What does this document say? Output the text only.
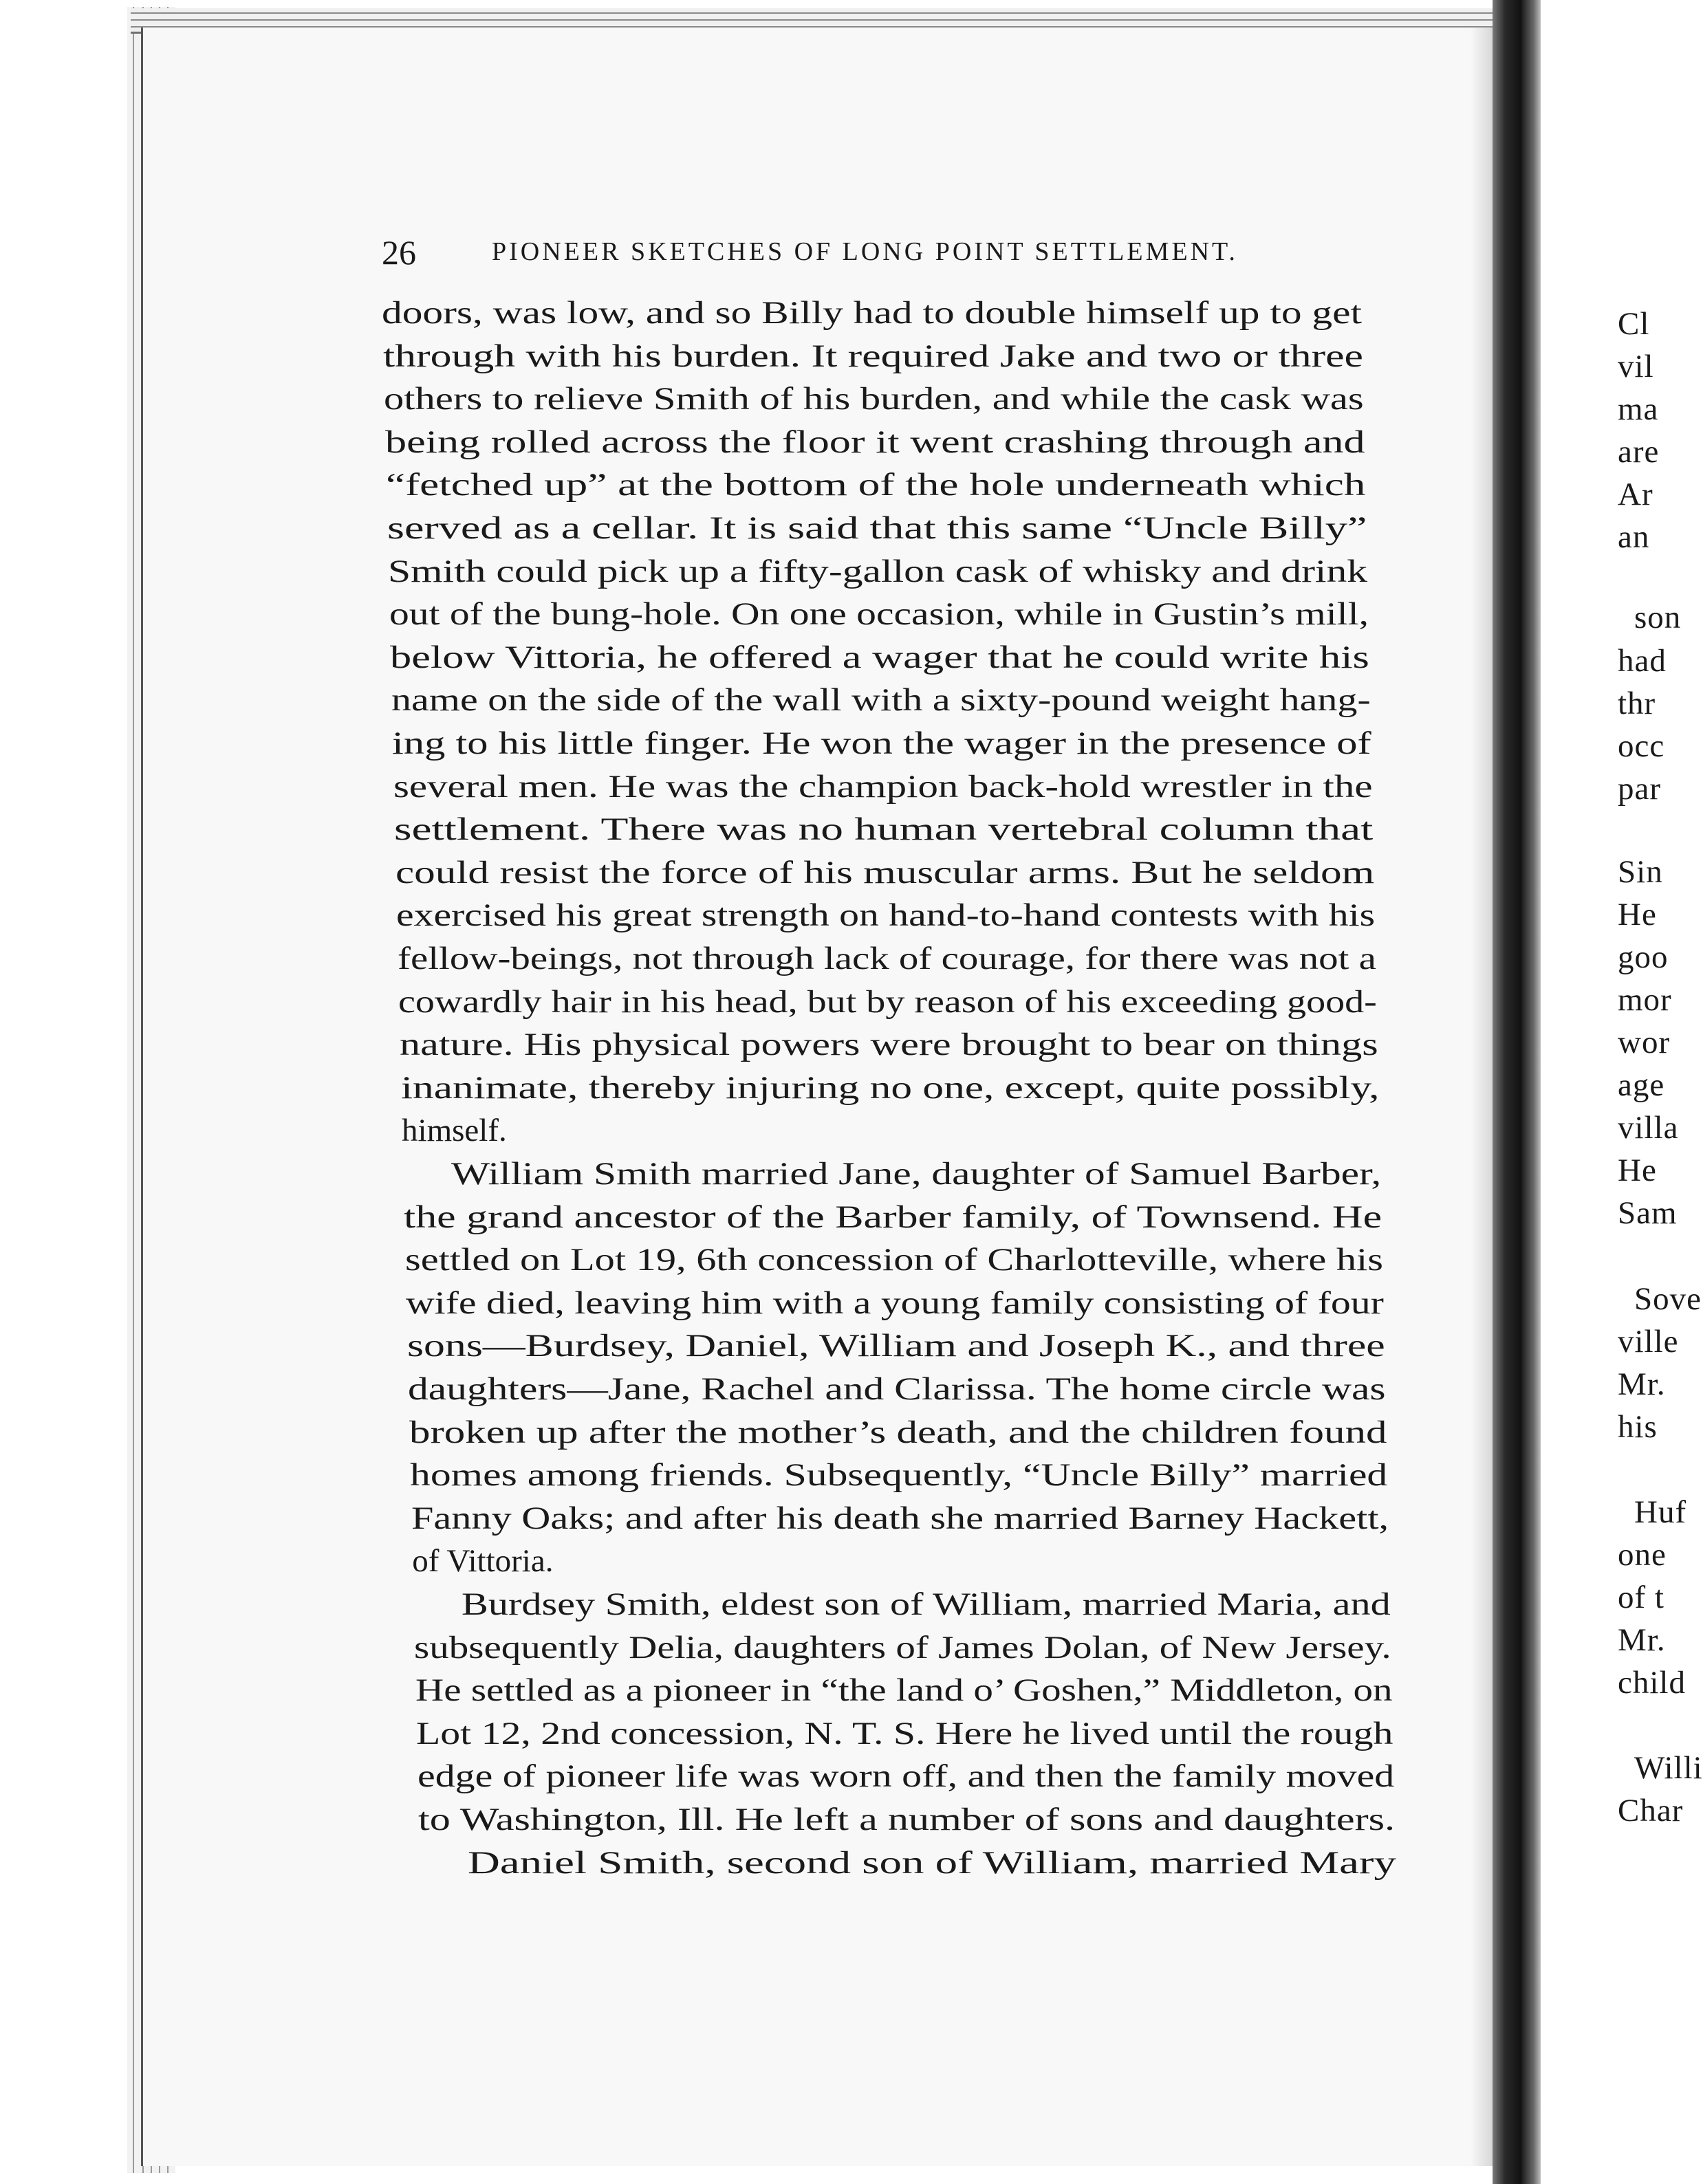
26	PIONEER SKETCHES OF LONG POINT SETTLEMENT.
doors, was low, and so Billy had to double himself up to get
through with his burden. It required Jake and two or three
others to relieve Smith of his burden, and while the cask was
being rolled across the floor it went crashing through and
“fetched up” at the bottom of the hole underneath which
served as a cellar. It is said that this same “Uncle Billy”
Smith could pick up a fifty-gallon cask of whisky and drink
out of the bung-hole. On one occasion, while in Gustin’s mill,
below Vittoria, he offered a wager that he could write his
name on the side of the wall with a sixty-pound weight hang-
ing to his little finger. He won the wager in the presence of
several men. He was the champion back-hold wrestler in the
settlement. There was no human vertebral column that
could resist the force of his muscular arms. But he seldom
exercised his great strength on hand-to-hand contests with his
fellow-beings, not through lack of courage, for there was not a
cowardly hair in his head, but by reason of his exceeding good-
nature. His physical powers were brought to bear on things
inanimate, thereby injuring no one, except, quite possibly,
himself.
William Smith married Jane, daughter of Samuel Barber,
the grand ancestor of the Barber family, of Townsend. He
settled on Lot 19, 6th concession of Charlotteville, where his
wife died, leaving him with a young family consisting of four
sons—Burdsey, Daniel, William and Joseph K., and three
daughters—Jane, Rachel and Clarissa. The home circle was
broken up after the mother’s death, and the children found
homes among friends. Subsequently, “Uncle Billy” married
Fanny Oaks; and after his death she married Barney Hackett,
of Vittoria.
Burdsey Smith, eldest son of William, married Maria, and
subsequently Delia, daughters of James Dolan, of New Jersey.
He settled as a pioneer in “the land o’ Goshen,” Middleton, on
Lot 12, 2nd concession, N. T. S. Here he lived until the rough
edge of pioneer life was worn off, and then the family moved
to Washington, Ill. He left a number of sons and daughters.
Daniel Smith, second son of William, married Mary
Cl
vil
ma
are
Ar
an
son
had
thr
occ
par
Sin
He
goo
mor
wor
age
villa
He
Sam
Sove
ville
Mr.
his
Huf
one
of t
Mr.
child
Willi
Char
